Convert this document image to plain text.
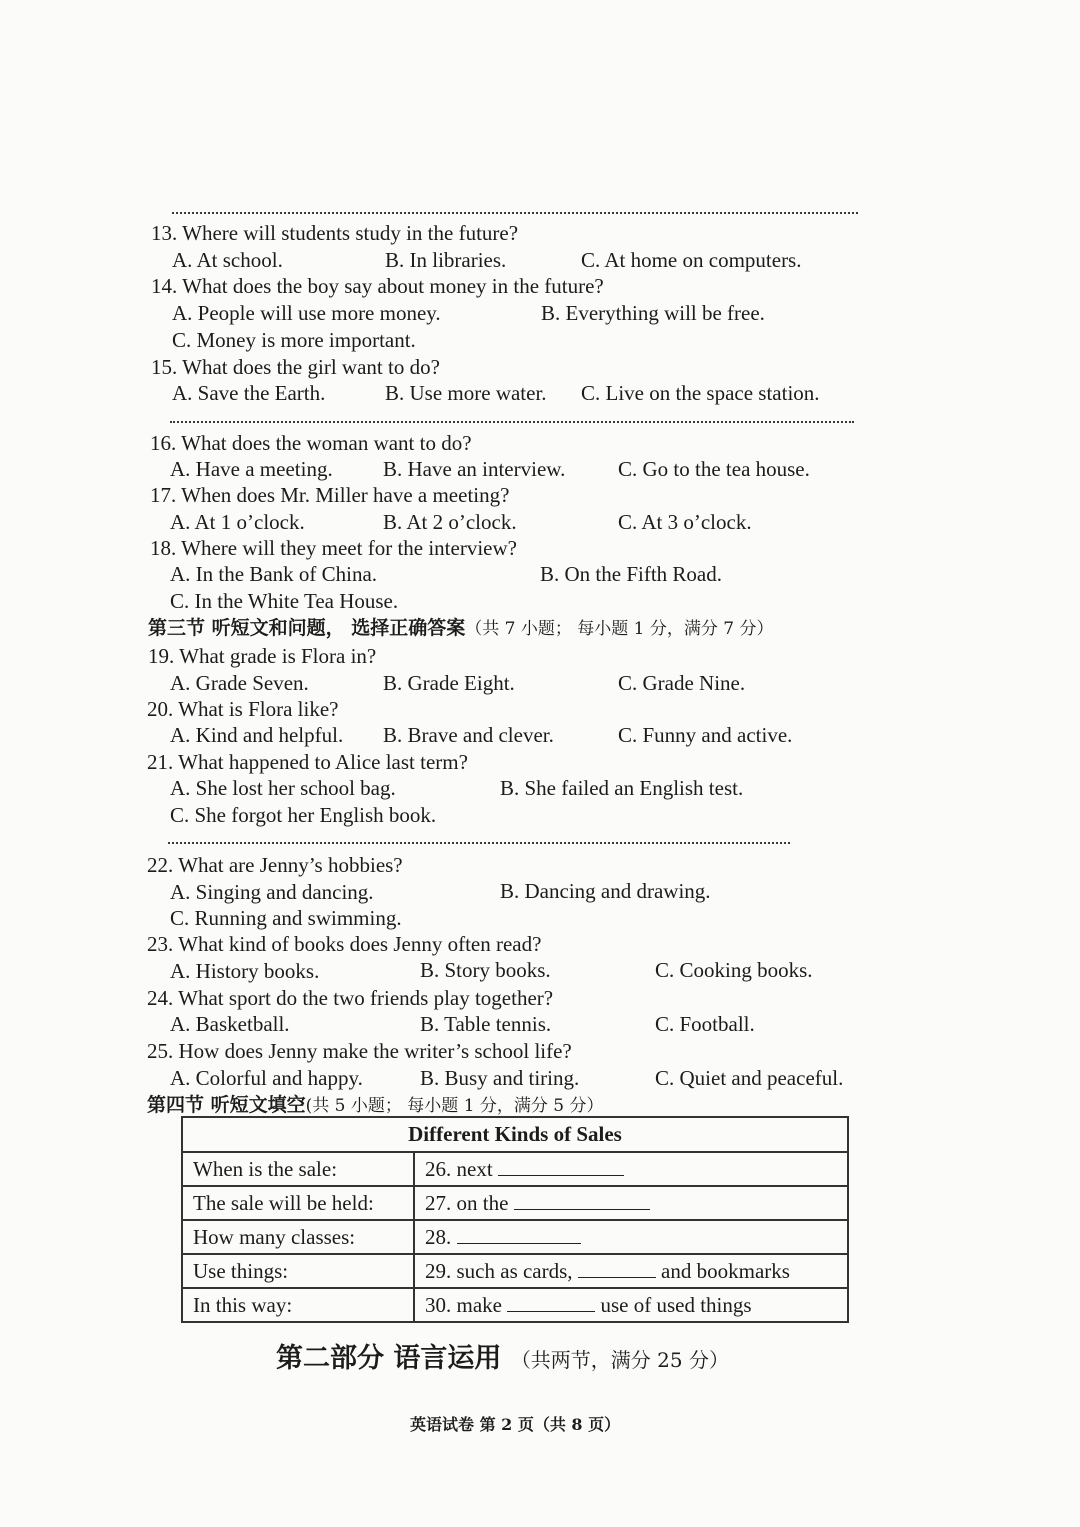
13. Where will students study in the future?
A. At school.	B. In libraries.	C. At home on computers.
14. What does the boy say about money in the future?
A. People will use more money.	B. Everything will be free.
C. Money is more important.
15. What does the girl want to do?
A. Save the Earth.	B. Use more water. C. Live on the space station.
16. What does the woman want to do?
A. Have a meeting. B. Have an interview.	C. Go to the tea house.
17. When does Mr. Miller have a meeting?
A. At 1 o’clock.	B. At 2 o’clock.	C. At 3 o’clock.
18. Where will they meet for the interview?
A. In the Bank of China.	B. On the Fifth Road.
C. In the White Tea House.
第三节 听短文和问题， 选择正确答案（共 7 小题； 每小题 1 分，满分 7 分）
19. What grade is Flora in?
A. Grade Seven.	B. Grade Eight.	C. Grade Nine.
20. What is Flora like?
A. Kind and helpful. B. Brave and clever.	C. Funny and active.
21. What happened to Alice last term?
A. She lost her school bag.	B. She failed an English test.
C. She forgot her English book.
22. What are Jenny’s hobbies?
A. Singing and dancing.	B. Dancing and drawing.
C. Running and swimming.
23. What kind of books does Jenny often read?
A. History books.	B. Story books.	C. Cooking books.
24. What sport do the two friends play together?
A. Basketball.	B. Table tennis.	C. Football.
25. How does Jenny make the writer’s school life?
A. Colorful and happy.	B. Busy and tiring.	C. Quiet and peaceful.
第四节 听短文填空(共 5 小题； 每小题 1 分，满分 5 分）
Different Kinds of Sales	
When is the sale:	26. next
The sale will be held:	27. on the
How many classes:	28.
Use things:	29. such as cards, and bookmarks
In this way:	30. make use of used things
第二部分 语言运用 （共两节，满分 25 分）
英语试卷 第 2 页（共 8 页）
